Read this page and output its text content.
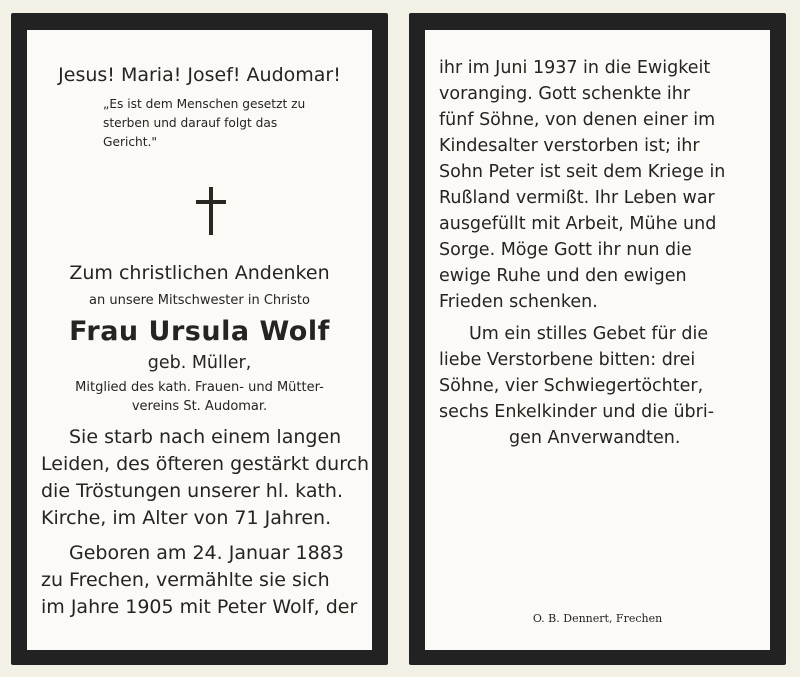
Jesus! Maria! Josef! Audomar!
„Es ist dem Menschen gesetzt zu
sterben und darauf folgt das
Gericht."
Zum christlichen Andenken
an unsere Mitschwester in Christo
Frau Ursula Wolf
geb. Müller,
Mitglied des kath. Frauen- und Mütter-
vereins St. Audomar.
Sie starb nach einem langen
Leiden, des öfteren gestärkt durch
die Tröstungen unserer hl. kath.
Kirche, im Alter von 71 Jahren.
Geboren am 24. Januar 1883
zu Frechen, vermählte sie sich
im Jahre 1905 mit Peter Wolf, der
ihr im Juni 1937 in die Ewigkeit
voranging. Gott schenkte ihr
fünf Söhne, von denen einer im
Kindesalter verstorben ist; ihr
Sohn Peter ist seit dem Kriege in
Rußland vermißt. Ihr Leben war
ausgefüllt mit Arbeit, Mühe und
Sorge. Möge Gott ihr nun die
ewige Ruhe und den ewigen
Frieden schenken.
Um ein stilles Gebet für die
liebe Verstorbene bitten: drei
Söhne, vier Schwiegertöchter,
sechs Enkelkinder und die übri-
gen Anverwandten.
O. B. Dennert, Frechen
